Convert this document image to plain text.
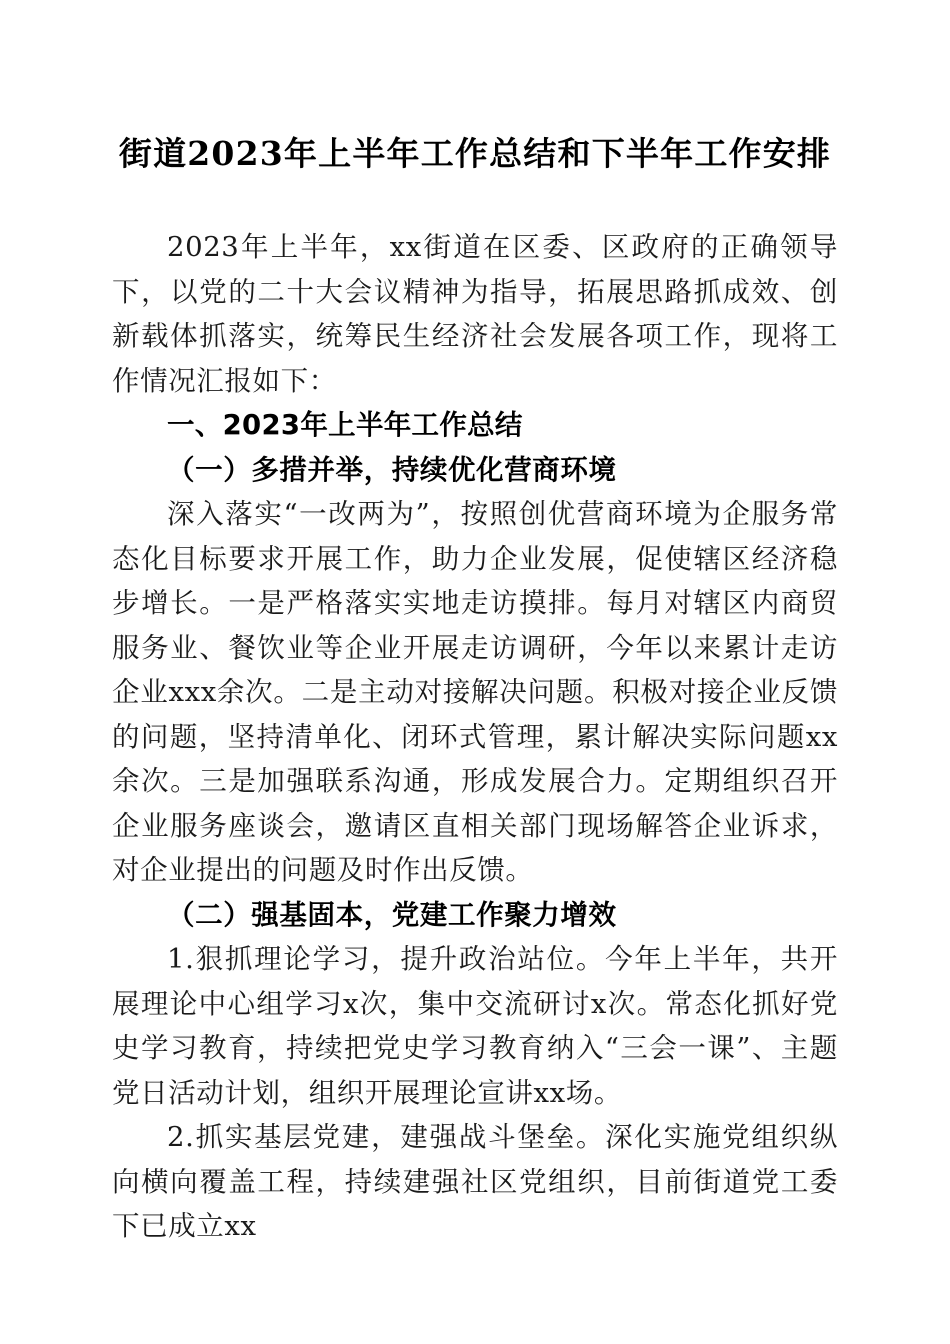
街道2023年上半年工作总结和下半年工作安排

2023年上半年，xx街道在区委、区政府的正确领导下，以党的二十大会议精神为指导，拓展思路抓成效、创新载体抓落实，统筹民生经济社会发展各项工作，现将工作情况汇报如下：

一、2023年上半年工作总结
（一）多措并举，持续优化营商环境

深入落实“一改两为”，按照创优营商环境为企服务常态化目标要求开展工作，助力企业发展，促使辖区经济稳步增长。一是严格落实实地走访摸排。每月对辖区内商贸服务业、餐饮业等企业开展走访调研，今年以来累计走访企业xxx余次。二是主动对接解决问题。积极对接企业反馈的问题，坚持清单化、闭环式管理，累计解决实际问题xx余次。三是加强联系沟通，形成发展合力。定期组织召开企业服务座谈会，邀请区直相关部门现场解答企业诉求，对企业提出的问题及时作出反馈。

（二）强基固本，党建工作聚力增效

1.狠抓理论学习，提升政治站位。今年上半年，共开展理论中心组学习x次，集中交流研讨x次。常态化抓好党史学习教育，持续把党史学习教育纳入“三会一课”、主题党日活动计划，组织开展理论宣讲xx场。

2.抓实基层党建，建强战斗堡垒。深化实施党组织纵向横向覆盖工程，持续建强社区党组织，目前街道党工委下已成立xx
